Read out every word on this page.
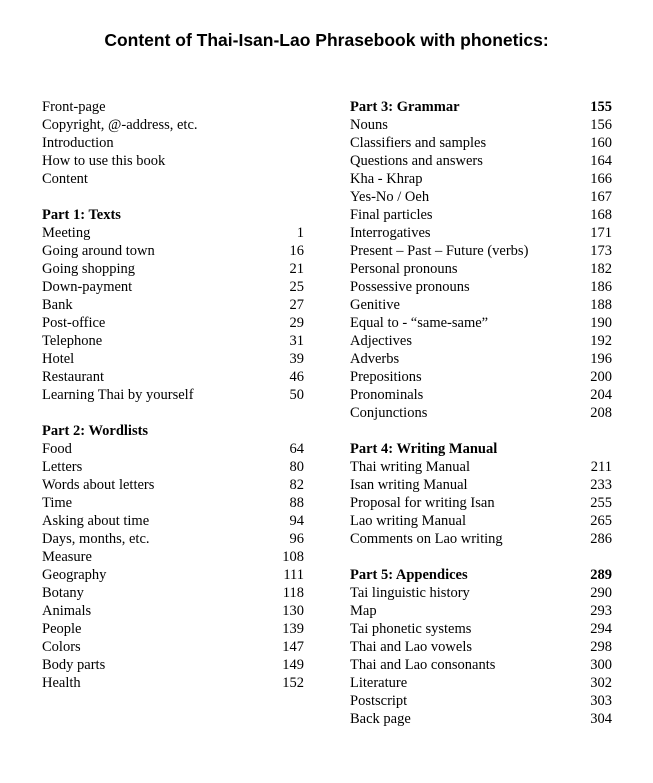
Content of Thai-Isan-Lao Phrasebook with phonetics:
Front-page
Copyright, @-address, etc.
Introduction
How to use this book
Content
Part 1: Texts
Meeting	1
Going around town	16
Going shopping	21
Down-payment	25
Bank	27
Post-office	29
Telephone	31
Hotel	39
Restaurant	46
Learning Thai by yourself	50
Part 2: Wordlists
Food	64
Letters	80
Words about letters	82
Time	88
Asking about time	94
Days, months, etc.	96
Measure	108
Geography	111
Botany	118
Animals	130
People	139
Colors	147
Body parts	149
Health	152
Part 3: Grammar	155
Nouns	156
Classifiers and samples	160
Questions and answers	164
Kha - Khrap	166
Yes-No / Oeh	167
Final particles	168
Interrogatives	171
Present – Past – Future (verbs)	173
Personal pronouns	182
Possessive pronouns	186
Genitive	188
Equal to - “same-same”	190
Adjectives	192
Adverbs	196
Prepositions	200
Pronominals	204
Conjunctions	208
Part 4: Writing Manual
Thai writing Manual	211
Isan writing Manual	233
Proposal for writing Isan	255
Lao writing Manual	265
Comments on Lao writing	286
Part 5: Appendices	289
Tai linguistic history	290
Map	293
Tai phonetic systems	294
Thai and Lao vowels	298
Thai and Lao consonants	300
Literature	302
Postscript	303
Back page	304
